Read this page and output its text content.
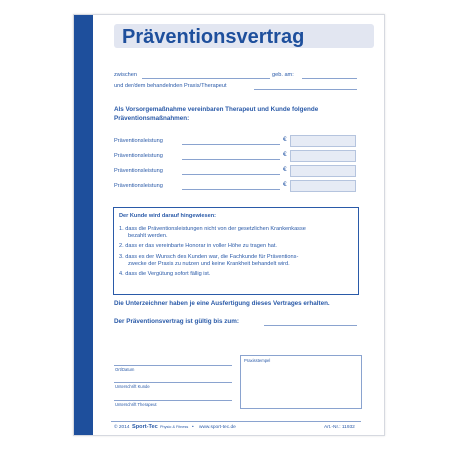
Präventionsvertrag
zwischen	geb. am:
und der/dem behandelnden Praxis/Therapeut
Als Vorsorgemaßnahme vereinbaren Therapeut und Kunde folgende
Präventionsmaßnahmen:
Präventionsleistung	€
Präventionsleistung	€
Präventionsleistung	€
Präventionsleistung	€
Der Kunde wird darauf hingewiesen:
1. dass die Präventionsleistungen nicht von der gesetzlichen Krankenkasse
bezahlt werden.
2. dass er das vereinbarte Honorar in voller Höhe zu tragen hat.
3. dass es der Wunsch des Kunden war, die Fachkunde für Präventions-
zwecke der Praxis zu nutzen und keine Krankheit behandelt wird.
4. dass die Vergütung sofort fällig ist.
Die Unterzeichner haben je eine Ausfertigung dieses Vertrages erhalten.
Der Präventionsvertrag ist gültig bis zum:
Ort/Datum
Unterschrift Kunde
Unterschrift Therapeut
Praxisstempel
© 2014 Sport-Tec Physio & Fitness • www.sport-tec.de	Art.-Nr.: 11932
